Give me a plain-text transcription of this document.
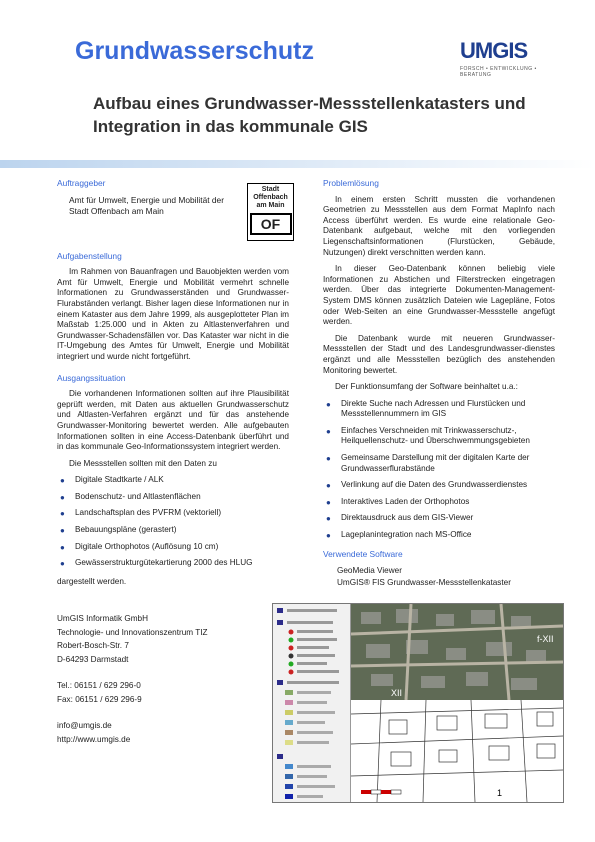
Grundwasserschutz	UMGIS
FORSCH • ENTWICKLUNG • BERATUNG
Aufbau eines Grundwasser-Messstellenkatasters und Integration in das kommunale GIS
Auftraggeber
Amt für Umwelt, Energie und Mobilität der Stadt Offenbach am Main
Stadt Offenbach am Main
OF
Aufgabenstellung

Im Rahmen von Bauanfragen und Bauobjekten werden vom Amt für Umwelt, Energie und Mobilität vermehrt schnelle Informationen zu Grundwasserständen und Grundwasser-Flurabständen verlangt. Bisher lagen diese Informationen nur in einem Kataster aus dem Jahre 1999, als ausgeplotteter Plan im Maßstab 1:25.000 und in Akten zu Altlastenverfahren und Grundwasser-Schadensfällen vor. Das Kataster war nicht in die IT-Umgebung des Amtes für Umwelt, Energie und Mobilität integriert und wurde nicht fortgeführt.

Ausgangssituation

Die vorhandenen Informationen sollten auf ihre Plausibilität geprüft werden, mit Daten aus aktuellen Grundwasserschutz und Altlasten-Verfahren ergänzt und für das anstehende Grundwasser-Monitoring bewertet werden. Alle aufgebauten Informationen sollten in eine Access-Datenbank überführt und in das kommunale Geo-Informationssystem integriert werden.

Die Messstellen sollten mit den Daten zu

● Digitale Stadtkarte / ALK
● Bodenschutz- und Altlastenflächen
● Landschaftsplan des PVFRM (vektoriell)
● Bebauungspläne (gerastert)
● Digitale Orthophotos (Auflösung 10 cm)
● Gewässerstrukturgütekartierung 2000 des HLUG

dargestellt werden.

UmGIS Informatik GmbH
Technologie- und Innovationszentrum TIZ
Robert-Bosch-Str. 7
D-64293 Darmstadt
Tel.: 06151 / 629 296-0
Fax: 06151 / 629 296-9
info@umgis.de
http://www.umgis.de
Problemlösung

In einem ersten Schritt mussten die vorhandenen Geometrien zu Messstellen aus dem Format MapInfo nach Access überführt werden. Es wurde eine relationale Geo-Datenbank aufgebaut, welche mit den vorliegenden Liegenschaftsinformationen (Flurstücken, Gebäude, Nutzungen) direkt verschnitten werden kann.

In dieser Geo-Datenbank können beliebig viele Informationen zu Abstichen und Filterstrecken eingetragen werden. Über das integrierte Dokumenten-Management-System DMS können zusätzlich Dateien wie Lagepläne, Fotos oder Web-Seiten an eine Grundwasser-Messstelle angefügt werden.

Die Datenbank wurde mit neueren Grundwasser-Messstellen der Stadt und des Landesgrundwasser-dienstes ergänzt und alle Messstellen bezüglich des anstehenden Monitoring bewertet.

Der Funktionsumfang der Software beinhaltet u.a.:

● Direkte Suche nach Adressen und Flurstücken und Messstellennummern im GIS
● Einfaches Verschneiden mit Trinkwasserschutz-, Heilquellenschutz- und Überschwemmungsgebieten
● Gemeinsame Darstellung mit der digitalen Karte der Grundwasserflurabstände
● Verlinkung auf die Daten des Grundwasserdienstes
● Interaktives Laden der Orthophotos
● Direktausdruck aus dem GIS-Viewer
● Lageplanintegration nach MS-Office
Verwendete Software
GeoMedia Viewer
UmGIS® FIS Grundwasser-Messstellenkataster
f-XII
XII
1
